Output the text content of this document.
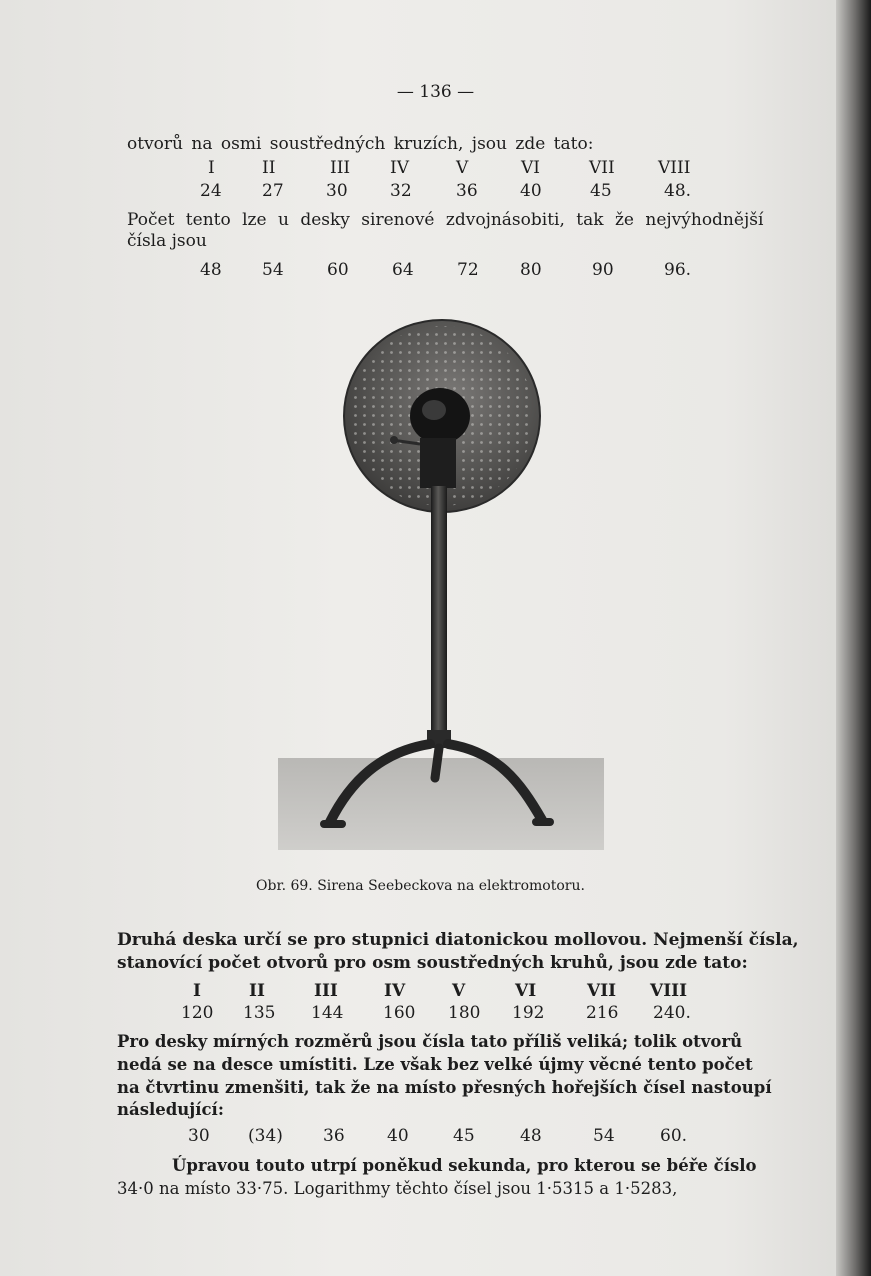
— 136 —
otvorů na osmi soustředných kruzích, jsou zde tato:
I	II	III IV	V	VI	VII	VIII
24 27 30 32	36 40	45	48.
Počet tento lze u desky sirenové zdvojnásobiti, tak že nejvýhodnější
čísla jsou
48 54	60	64	72 80	90	96.
Obr. 69. Sirena Seebeckova na elektromotoru.
Druhá deska určí se pro stupnici diatonickou mollovou. Nejmenší čísla,
stanovící počet otvorů pro osm soustředných kruhů, jsou zde tato:
I	II	III	IV	V	VI	VII VIII
120 135 144 160 180 192 216 240.
Pro desky mírných rozměrů jsou čísla tato příliš veliká; tolik otvorů
nedá se na desce umístiti. Lze však bez velké újmy věcné tento počet
na čtvrtinu zmenšiti, tak že na místo přesných hořejších čísel nastoupí
následující:
30 (34) 36 40	45	48	54	60.
Úpravou touto utrpí poněkud sekunda, pro kterou se béře číslo
34·0 na místo 33·75. Logarithmy těchto čísel jsou 1·5315 a 1·5283,
